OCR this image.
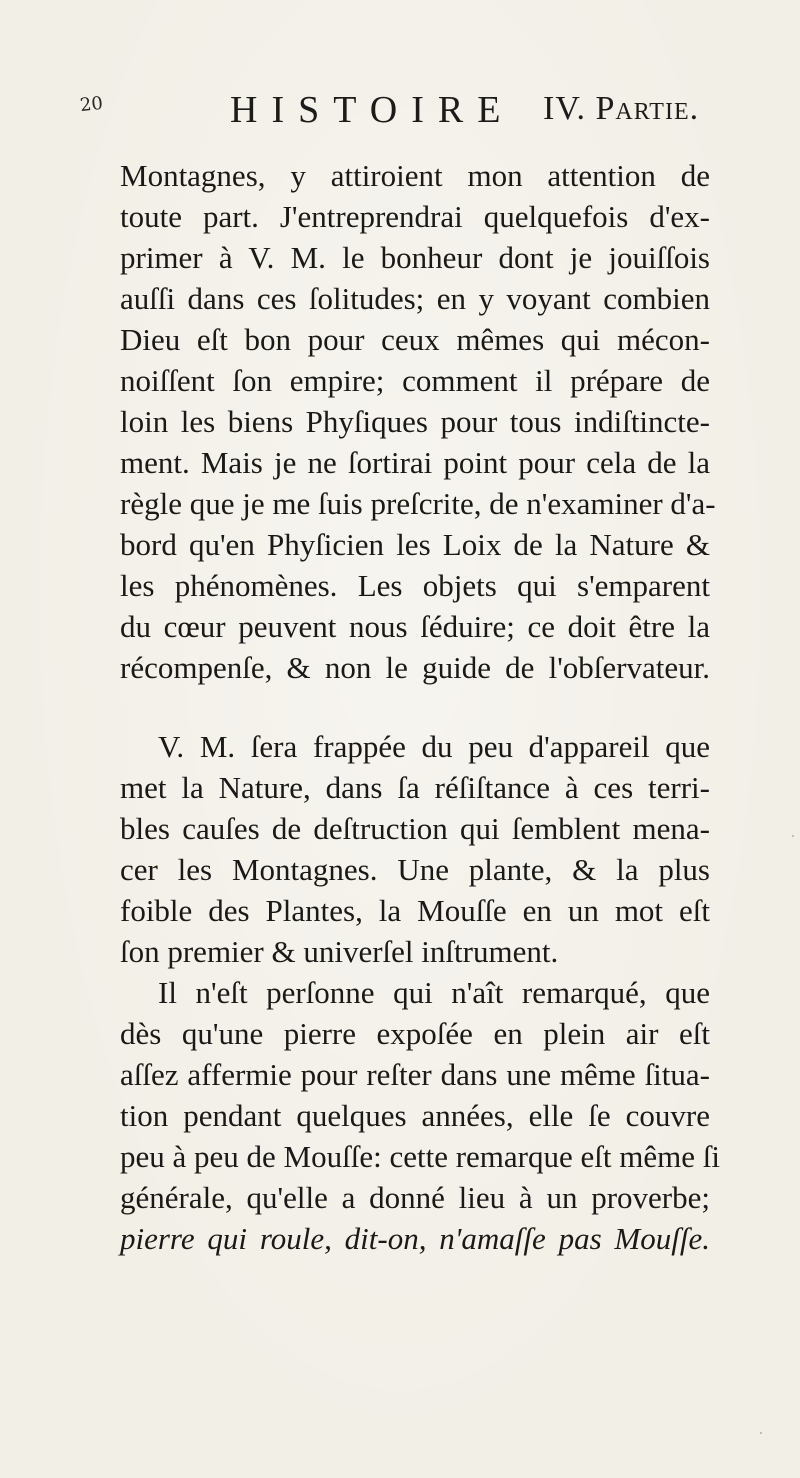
20	HISTOIRE IV. Partie.
Montagnes, y attiroient mon attention de
toute part. J'entreprendrai quelquefois d'ex-
primer à V. M. le bonheur dont je jouiſſois
auſſi dans ces ſolitudes; en y voyant combien
Dieu eſt bon pour ceux mêmes qui mécon-
noiſſent ſon empire; comment il prépare de
loin les biens Phyſiques pour tous indiſtincte-
ment. Mais je ne ſortirai point pour cela de la
règle que je me ſuis preſcrite, de n'examiner d'a-
bord qu'en Phyſicien les Loix de la Nature &
les phénomènes. Les objets qui s'emparent
du cœur peuvent nous ſéduire; ce doit être la
récompenſe, & non le guide de l'obſervateur.
V. M. ſera frappée du peu d'appareil que
met la Nature, dans ſa réſiſtance à ces terri-
bles cauſes de deſtruction qui ſemblent mena-
cer les Montagnes. Une plante, & la plus
foible des Plantes, la Mouſſe en un mot eſt
ſon premier & univerſel inſtrument.
Il n'eſt perſonne qui n'aît remarqué, que
dès qu'une pierre expoſée en plein air eſt
aſſez affermie pour reſter dans une même ſitua-
tion pendant quelques années, elle ſe couvre
peu à peu de Mouſſe: cette remarque eſt même ſi
générale, qu'elle a donné lieu à un proverbe;
pierre qui roule, dit-on, n'amaſſe pas Mouſſe.
